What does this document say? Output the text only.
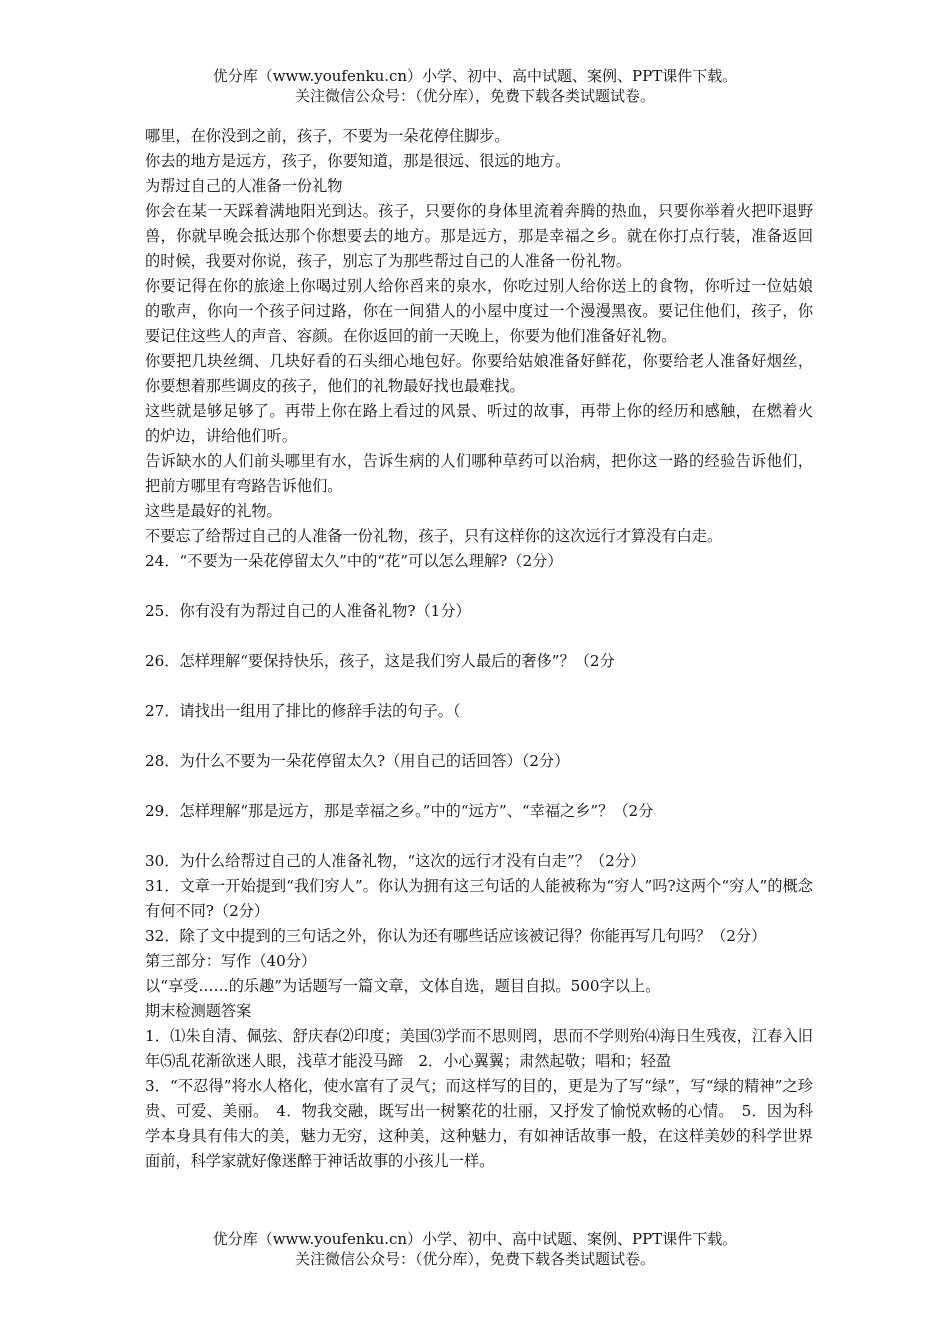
优分库（www.youfenku.cn）小学、初中、高中试题、案例、PPT课件下载。

关注微信公众号：（优分库），免费下载各类试题试卷。

哪里，在你没到之前，孩子，不要为一朵花停住脚步。

你去的地方是远方，孩子，你要知道，那是很远、很远的地方。

为帮过自己的人准备一份礼物

你会在某一天踩着满地阳光到达。孩子，只要你的身体里流着奔腾的热血，只要你举着火把吓退野兽，你就早晚会抵达那个你想要去的地方。那是远方，那是幸福之乡。就在你打点行装，准备返回的时候，我要对你说，孩子，别忘了为那些帮过自己的人准备一份礼物。

你要记得在你的旅途上你喝过别人给你舀来的泉水，你吃过别人给你送上的食物，你听过一位姑娘的歌声，你向一个孩子问过路，你在一间猎人的小屋中度过一个漫漫黑夜。要记住他们，孩子，你要记住这些人的声音、容颜。在你返回的前一天晚上，你要为他们准备好礼物。

你要把几块丝绸、几块好看的石头细心地包好。你要给姑娘准备好鲜花，你要给老人准备好烟丝，你要想着那些调皮的孩子，他们的礼物最好找也最难找。

这些就是够足够了。再带上你在路上看过的风景、听过的故事，再带上你的经历和感触，在燃着火的炉边，讲给他们听。

告诉缺水的人们前头哪里有水，告诉生病的人们哪种草药可以治病，把你这一路的经验告诉他们，把前方哪里有弯路告诉他们。

这些是最好的礼物。

不要忘了给帮过自己的人准备一份礼物，孩子，只有这样你的这次远行才算没有白走。

24．“不要为一朵花停留太久”中的“花”可以怎么理解?（2分）

25．你有没有为帮过自己的人准备礼物?（1分）

26．怎样理解“要保持快乐，孩子，这是我们穷人最后的奢侈”？（2分

27．请找出一组用了排比的修辞手法的句子。（

28．为什么不要为一朵花停留太久?（用自己的话回答）（2分）

29．怎样理解“那是远方，那是幸福之乡。”中的“远方”、“幸福之乡”？（2分

30．为什么给帮过自己的人准备礼物，“这次的远行才没有白走”？（2分）

31．文章一开始提到“我们穷人”。你认为拥有这三句话的人能被称为“穷人”吗?这两个“穷人”的概念有何不同?（2分）

32．除了文中提到的三句话之外，你认为还有哪些话应该被记得？你能再写几句吗？（2分）

第三部分：写作（40分）

以“享受……的乐趣”为话题写一篇文章，文体自选，题目自拟。500字以上。

期末检测题答案

1．⑴朱自清、佩弦、舒庆春⑵印度；美国⑶学而不思则罔，思而不学则殆⑷海日生残夜，江春入旧年⑸乱花渐欲迷人眼，浅草才能没马蹄　2．小心翼翼；肃然起敬；唱和；轻盈

3．“不忍得”将水人格化，使水富有了灵气；而这样写的目的，更是为了写“绿”，写“绿的精神”之珍贵、可爱、美丽。　4．物我交融，既写出一树繁花的壮丽，又抒发了愉悦欢畅的心情。　5．因为科学本身具有伟大的美，魅力无穷，这种美，这种魅力，有如神话故事一般，在这样美妙的科学世界面前，科学家就好像迷醉于神话故事的小孩儿一样。

优分库（www.youfenku.cn）小学、初中、高中试题、案例、PPT课件下载。

关注微信公众号：（优分库），免费下载各类试题试卷。
